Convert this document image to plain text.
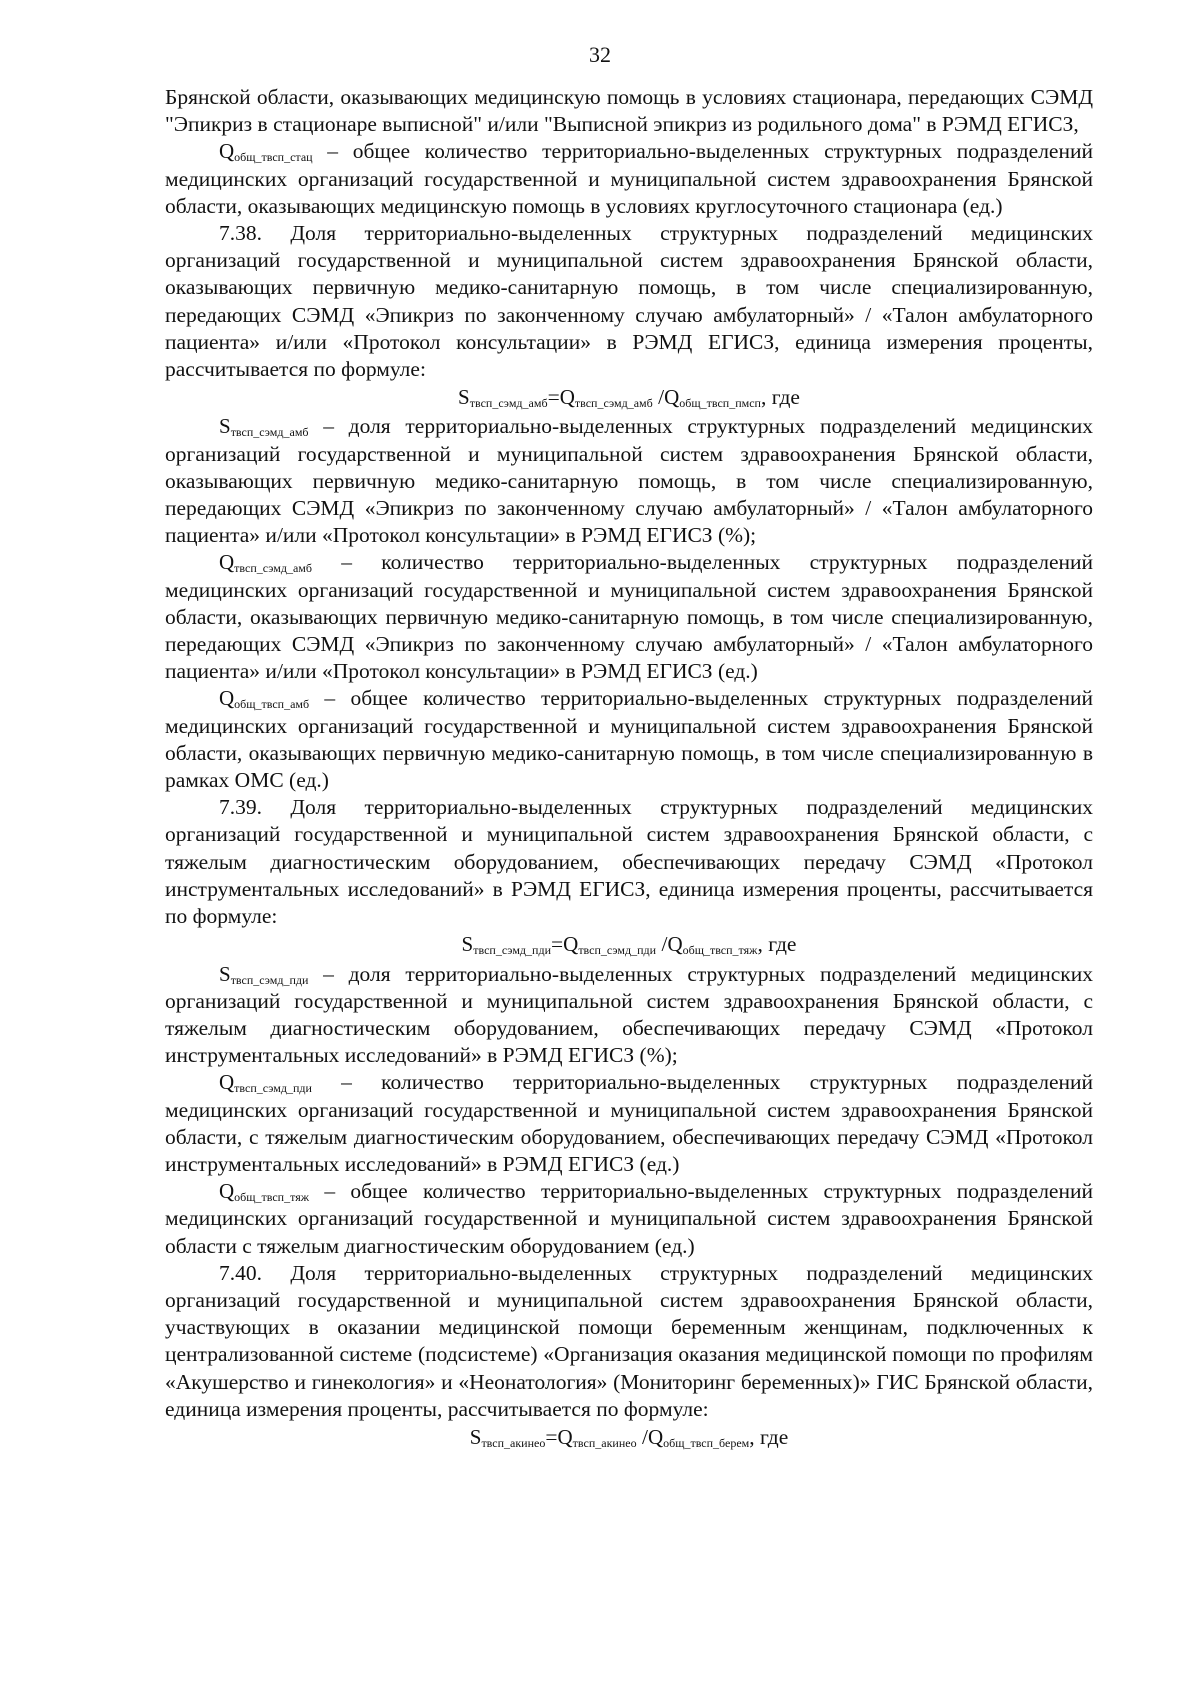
32

Брянской области, оказывающих медицинскую помощь в условиях стационара, передающих СЭМД "Эпикриз в стационаре выписной" и/или "Выписной эпикриз из родильного дома" в РЭМД ЕГИСЗ,

$Q_{общ\_твсп\_стац}$ – общее количество территориально-выделенных структурных подразделений медицинских организаций государственной и муниципальной систем здравоохранения Брянской области, оказывающих медицинскую помощь в условиях круглосуточного стационара (ед.)

7.38. Доля территориально-выделенных структурных подразделений медицинских организаций государственной и муниципальной систем здравоохранения Брянской области, оказывающих первичную медико-санитарную помощь, в том числе специализированную, передающих СЭМД «Эпикриз по законченному случаю амбулаторный» / «Талон амбулаторного пациента» и/или «Протокол консультации» в РЭМД ЕГИСЗ, единица измерения проценты, рассчитывается по формуле:

$S_{твсп\_сэмд\_амб}=Q_{твсп\_сэмд\_амб}$ $/Q_{общ\_твсп\_пмсп}$, где

$S_{твсп\_сэмд\_амб}$ – доля территориально-выделенных структурных подразделений медицинских организаций государственной и муниципальной систем здравоохранения Брянской области, оказывающих первичную медико-санитарную помощь, в том числе специализированную, передающих СЭМД «Эпикриз по законченному случаю амбулаторный» / «Талон амбулаторного пациента» и/или «Протокол консультации» в РЭМД ЕГИСЗ (%);

$Q_{твсп\_сэмд\_амб}$ – количество территориально-выделенных структурных подразделений медицинских организаций государственной и муниципальной систем здравоохранения Брянской области, оказывающих первичную медико-санитарную помощь, в том числе специализированную, передающих СЭМД «Эпикриз по законченному случаю амбулаторный» / «Талон амбулаторного пациента» и/или «Протокол консультации» в РЭМД ЕГИСЗ (ед.)

$Q_{общ\_твсп\_амб}$ – общее количество территориально-выделенных структурных подразделений медицинских организаций государственной и муниципальной систем здравоохранения Брянской области, оказывающих первичную медико-санитарную помощь, в том числе специализированную в рамках ОМС (ед.)

7.39. Доля территориально-выделенных структурных подразделений медицинских организаций государственной и муниципальной систем здравоохранения Брянской области, с тяжелым диагностическим оборудованием, обеспечивающих передачу СЭМД «Протокол инструментальных исследований» в РЭМД ЕГИСЗ, единица измерения проценты, рассчитывается по формуле:

$S_{твсп\_сэмд\_пди}=Q_{твсп\_сэмд\_пди}$ $/Q_{общ\_твсп\_тяж}$, где

$S_{твсп\_сэмд\_пди}$ – доля территориально-выделенных структурных подразделений медицинских организаций государственной и муниципальной систем здравоохранения Брянской области, с тяжелым диагностическим оборудованием, обеспечивающих передачу СЭМД «Протокол инструментальных исследований» в РЭМД ЕГИСЗ (%);

$Q_{твсп\_сэмд\_пди}$ – количество территориально-выделенных структурных подразделений медицинских организаций государственной и муниципальной систем здравоохранения Брянской области, с тяжелым диагностическим оборудованием, обеспечивающих передачу СЭМД «Протокол инструментальных исследований» в РЭМД ЕГИСЗ (ед.)

$Q_{общ\_твсп\_тяж}$ – общее количество территориально-выделенных структурных подразделений медицинских организаций государственной и муниципальной систем здравоохранения Брянской области с тяжелым диагностическим оборудованием (ед.)

7.40. Доля территориально-выделенных структурных подразделений медицинских организаций государственной и муниципальной систем здравоохранения Брянской области, участвующих в оказании медицинской помощи беременным женщинам, подключенных к централизованной системе (подсистеме) «Организация оказания медицинской помощи по профилям «Акушерство и гинекология» и «Неонатология» (Мониторинг беременных)» ГИС Брянской области, единица измерения проценты, рассчитывается по формуле:

$S_{твсп\_акинео}=Q_{твсп\_акинео}$ $/Q_{общ\_твсп\_берем}$, где
